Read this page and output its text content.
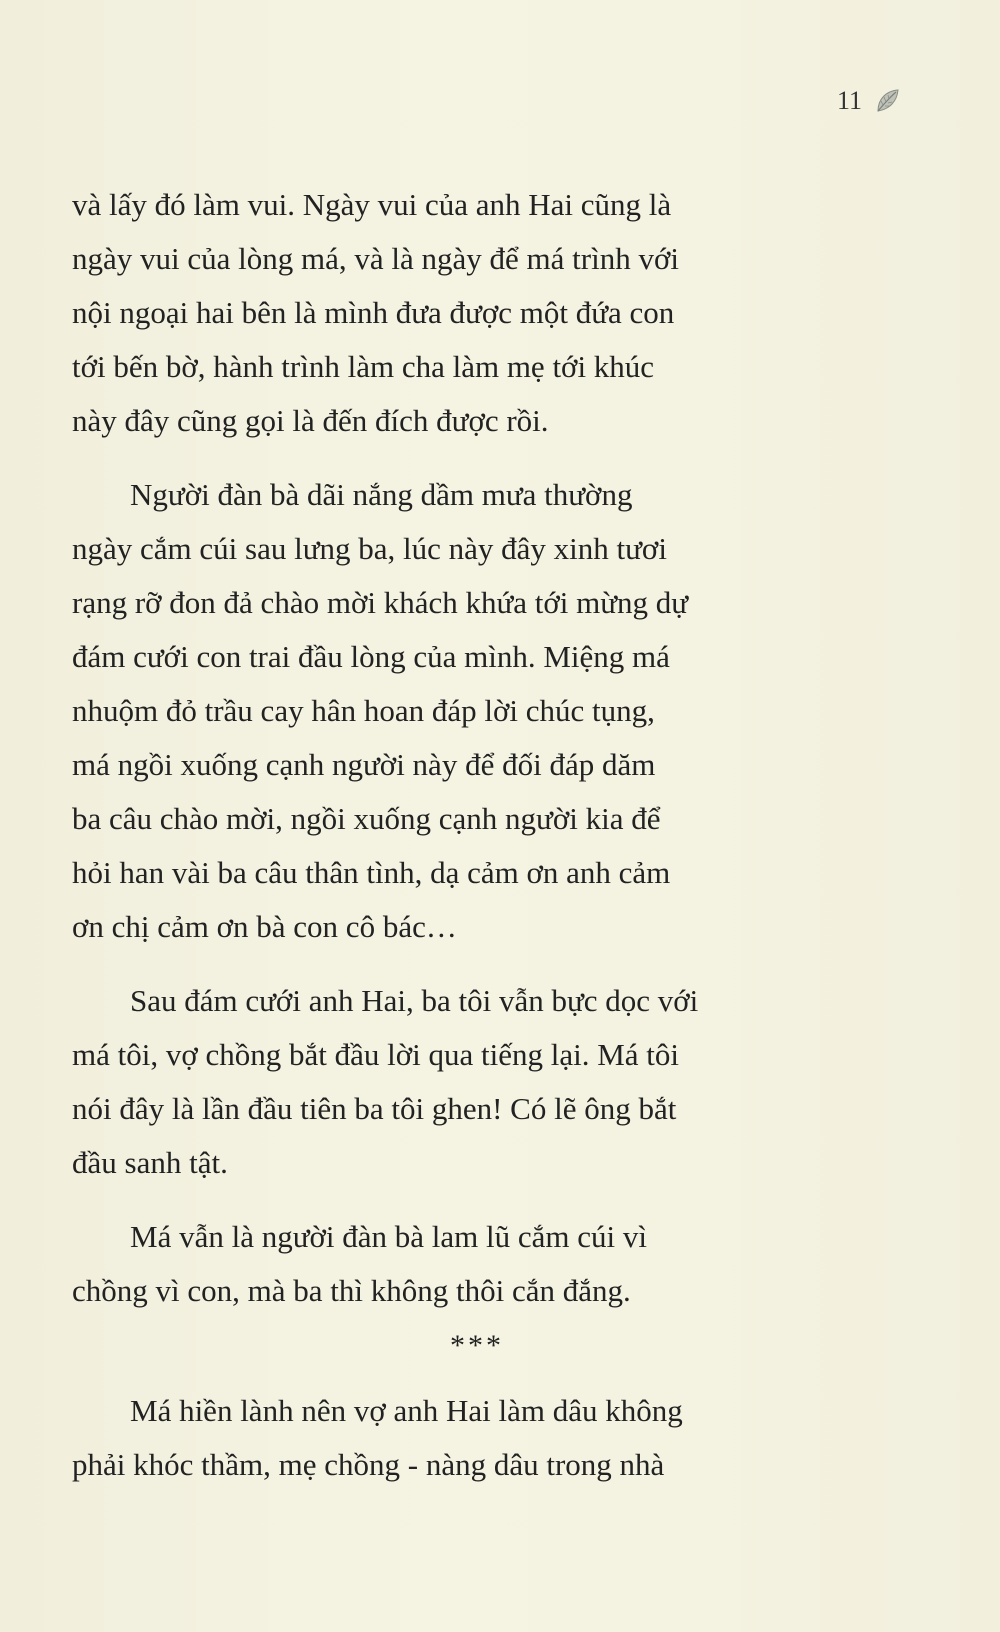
11

và lấy đó làm vui. Ngày vui của anh Hai cũng là
ngày vui của lòng má, và là ngày để má trình với
nội ngoại hai bên là mình đưa được một đứa con
tới bến bờ, hành trình làm cha làm mẹ tới khúc
này đây cũng gọi là đến đích được rồi.

Người đàn bà dãi nắng dầm mưa thường
ngày cắm cúi sau lưng ba, lúc này đây xinh tươi
rạng rỡ đon đả chào mời khách khứa tới mừng dự
đám cưới con trai đầu lòng của mình. Miệng má
nhuộm đỏ trầu cay hân hoan đáp lời chúc tụng,
má ngồi xuống cạnh người này để đối đáp dăm
ba câu chào mời, ngồi xuống cạnh người kia để
hỏi han vài ba câu thân tình, dạ cảm ơn anh cảm
ơn chị cảm ơn bà con cô bác…

Sau đám cưới anh Hai, ba tôi vẫn bực dọc với
má tôi, vợ chồng bắt đầu lời qua tiếng lại. Má tôi
nói đây là lần đầu tiên ba tôi ghen! Có lẽ ông bắt
đầu sanh tật.

Má vẫn là người đàn bà lam lũ cắm cúi vì
chồng vì con, mà ba thì không thôi cắn đắng.

***

Má hiền lành nên vợ anh Hai làm dâu không
phải khóc thầm, mẹ chồng - nàng dâu trong nhà
